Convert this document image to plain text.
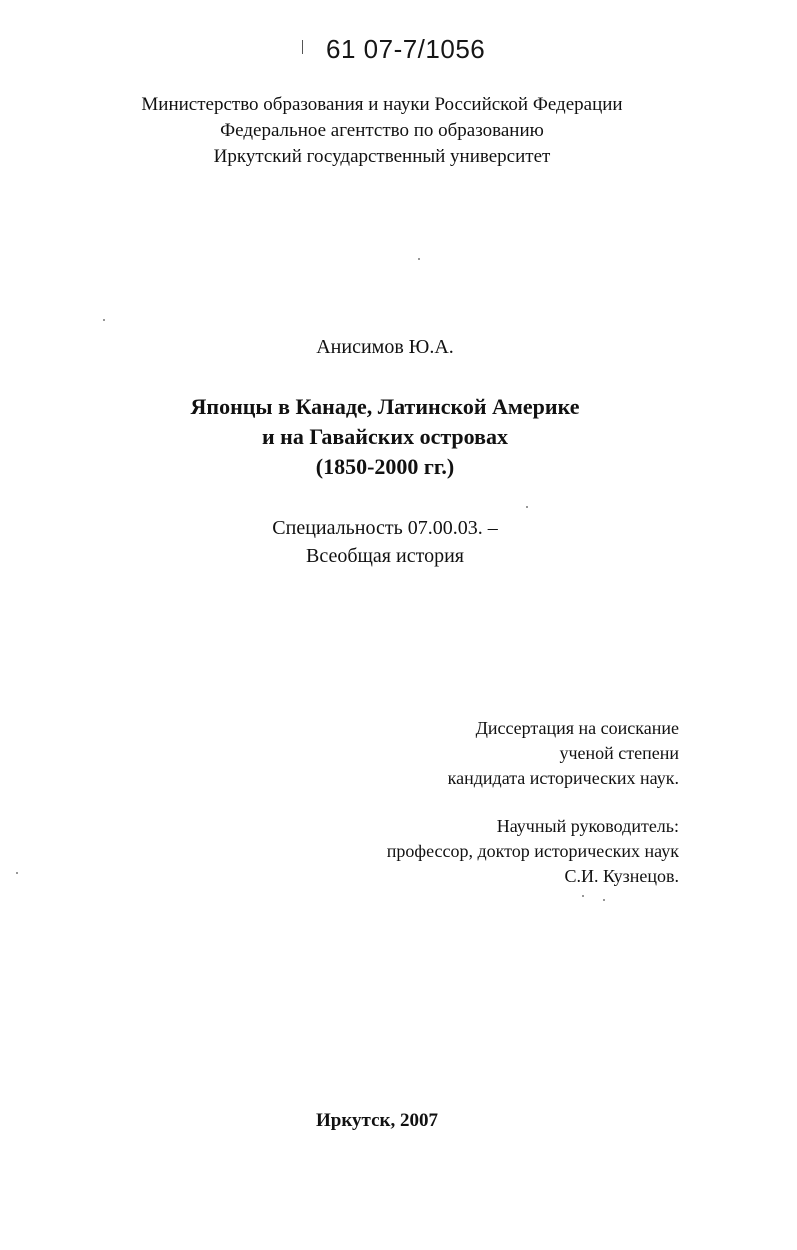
61 07-7/1056
Министерство образования и науки Российской Федерации
Федеральное агентство по образованию
Иркутский государственный университет
Анисимов Ю.А.
Японцы в Канаде, Латинской Америке
и на Гавайских островах
(1850-2000 гг.)
Специальность 07.00.03. –
Всеобщая история
Диссертация на соискание
ученой степени
кандидата исторических наук.
Научный руководитель:
профессор, доктор исторических наук
С.И. Кузнецов.
Иркутск, 2007
